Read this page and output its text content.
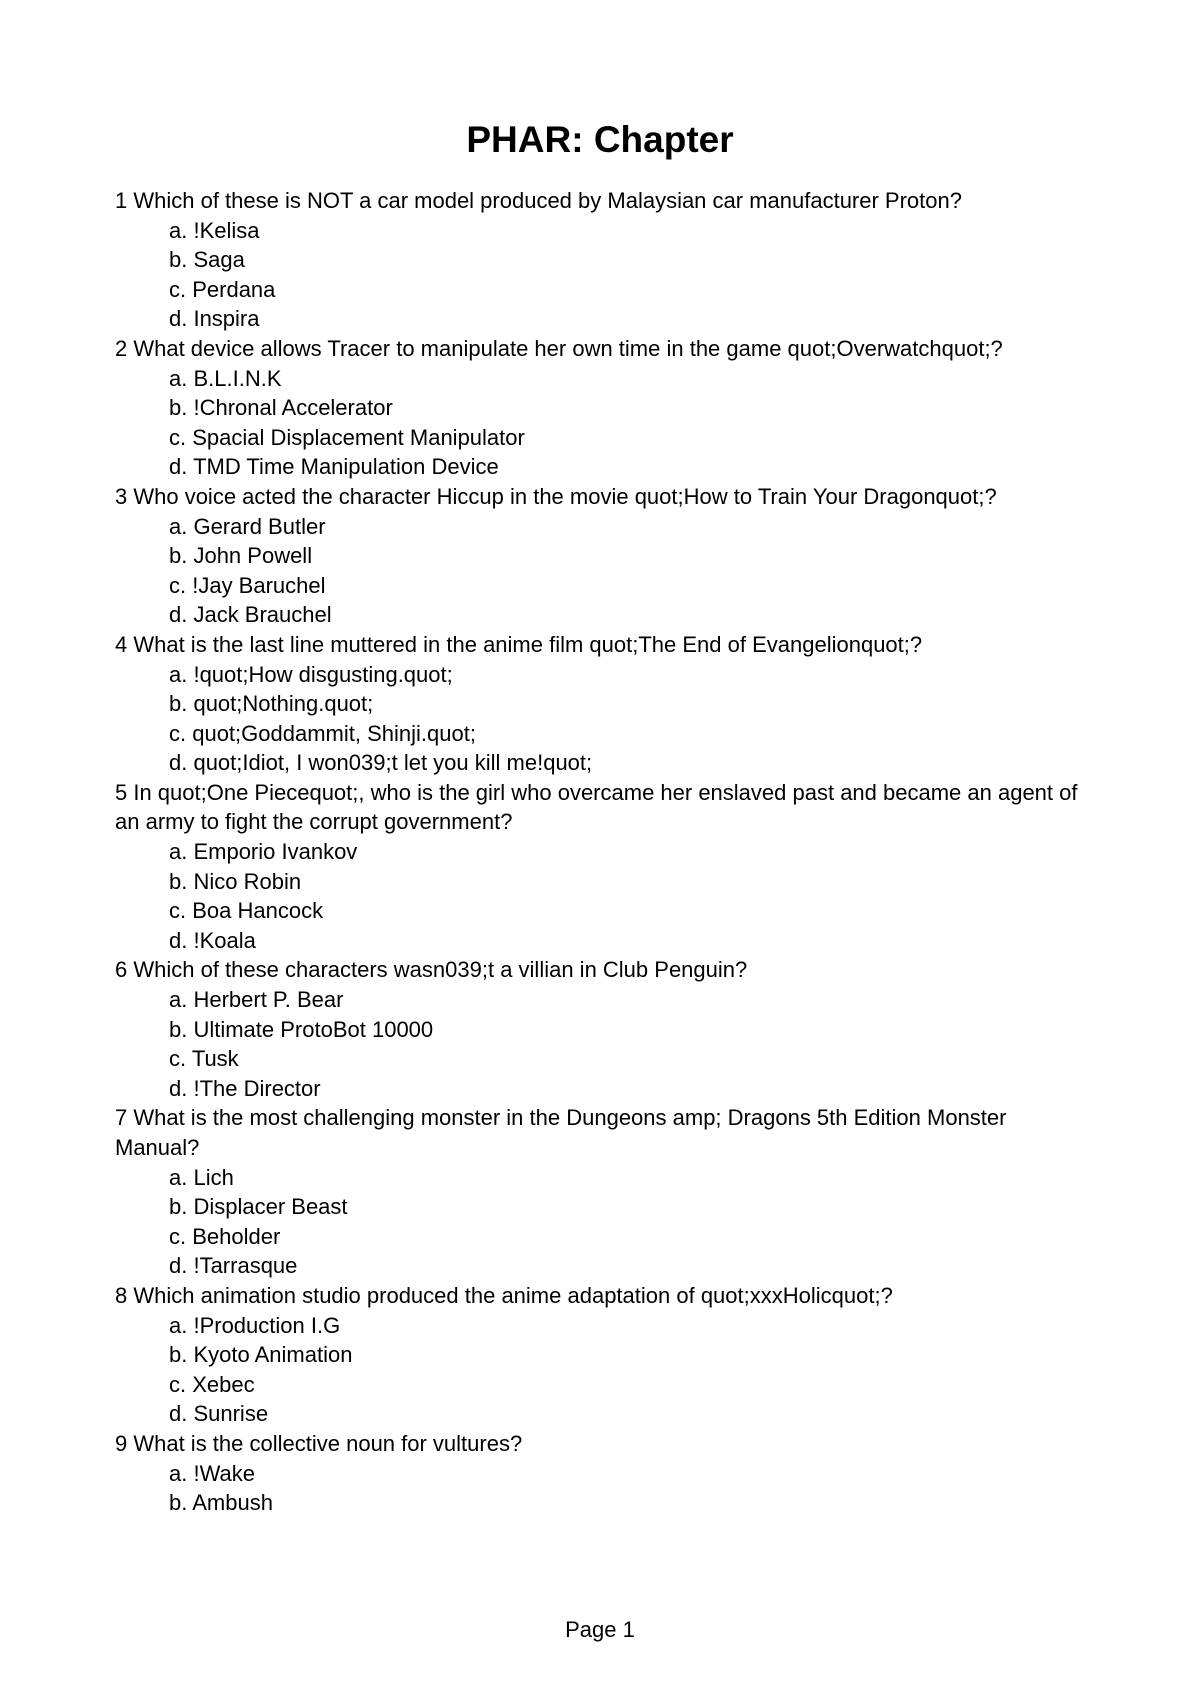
PHAR: Chapter

1 Which of these is NOT a car model produced by Malaysian car manufacturer Proton?

a. !Kelisa
b. Saga
c. Perdana
d. Inspira

2 What device allows Tracer to manipulate her own time in the game quot;Overwatchquot;?

a. B.L.I.N.K
b. !Chronal Accelerator
c. Spacial Displacement Manipulator
d. TMD Time Manipulation Device

3 Who voice acted the character Hiccup in the movie quot;How to Train Your Dragonquot;?

a. Gerard Butler
b. John Powell
c. !Jay Baruchel
d. Jack Brauchel

4 What is the last line muttered in the anime film quot;The End of Evangelionquot;?

a. !quot;How disgusting.quot;
b. quot;Nothing.quot;
c. quot;Goddammit, Shinji.quot;
d. quot;Idiot, I won039;t let you kill me!quot;

5 In quot;One Piecequot;, who is the girl who overcame her enslaved past and became an agent of an army to fight the corrupt government?

a. Emporio Ivankov
b. Nico Robin
c. Boa Hancock
d. !Koala

6 Which of these characters wasn039;t a villian in Club Penguin?

a. Herbert P. Bear
b. Ultimate ProtoBot 10000
c. Tusk
d. !The Director

7 What is the most challenging monster in the Dungeons amp; Dragons 5th Edition Monster Manual?

a. Lich
b. Displacer Beast
c. Beholder
d. !Tarrasque

8 Which animation studio produced the anime adaptation of quot;xxxHolicquot;?

a. !Production I.G
b. Kyoto Animation
c. Xebec
d. Sunrise

9 What is the collective noun for vultures?

a. !Wake
b. Ambush
Page 1
